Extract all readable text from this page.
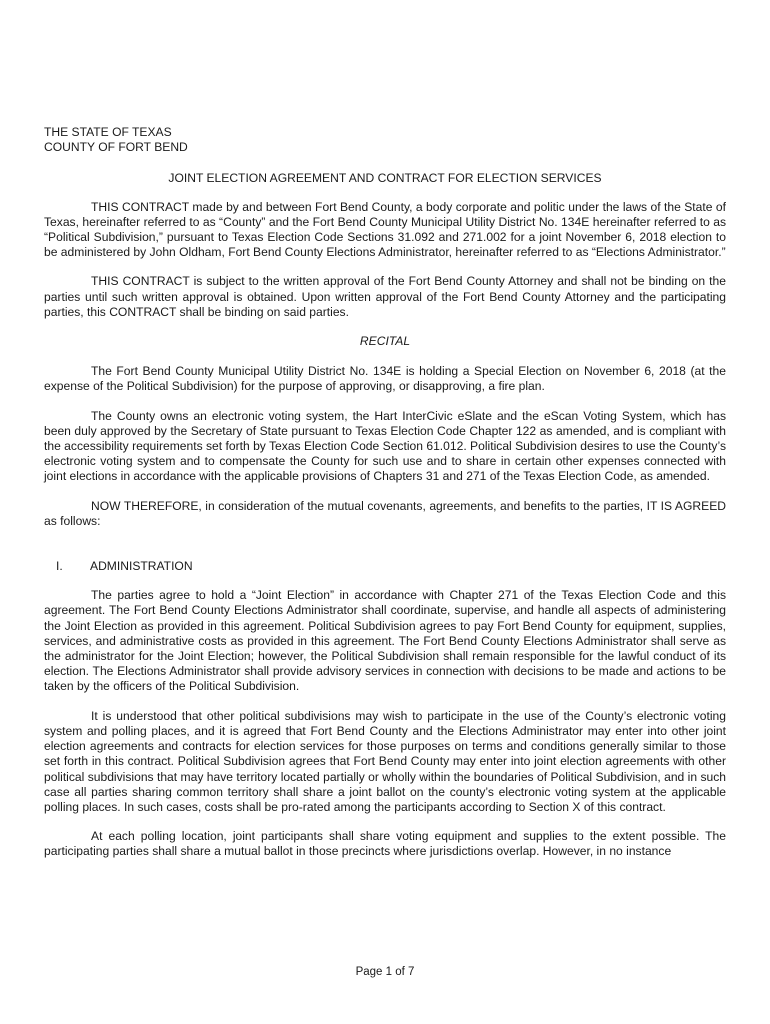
THE STATE OF TEXAS

COUNTY OF FORT BEND

JOINT ELECTION AGREEMENT AND CONTRACT FOR ELECTION SERVICES

THIS CONTRACT made by and between Fort Bend County, a body corporate and politic under the laws of the State of Texas, hereinafter referred to as “County” and the Fort Bend County Municipal Utility District No. 134E hereinafter referred to as “Political Subdivision,” pursuant to Texas Election Code Sections 31.092 and 271.002 for a joint November 6, 2018 election to be administered by John Oldham, Fort Bend County Elections Administrator, hereinafter referred to as “Elections Administrator.”

THIS CONTRACT is subject to the written approval of the Fort Bend County Attorney and shall not be binding on the parties until such written approval is obtained. Upon written approval of the Fort Bend County Attorney and the participating parties, this CONTRACT shall be binding on said parties.

RECITAL

The Fort Bend County Municipal Utility District No. 134E is holding a Special Election on November 6, 2018 (at the expense of the Political Subdivision) for the purpose of approving, or disapproving, a fire plan.

The County owns an electronic voting system, the Hart InterCivic eSlate and the eScan Voting System, which has been duly approved by the Secretary of State pursuant to Texas Election Code Chapter 122 as amended, and is compliant with the accessibility requirements set forth by Texas Election Code Section 61.012. Political Subdivision desires to use the County’s electronic voting system and to compensate the County for such use and to share in certain other expenses connected with joint elections in accordance with the applicable provisions of Chapters 31 and 271 of the Texas Election Code, as amended.

NOW THEREFORE, in consideration of the mutual covenants, agreements, and benefits to the parties, IT IS AGREED as follows:

I. ADMINISTRATION

The parties agree to hold a “Joint Election” in accordance with Chapter 271 of the Texas Election Code and this agreement. The Fort Bend County Elections Administrator shall coordinate, supervise, and handle all aspects of administering the Joint Election as provided in this agreement. Political Subdivision agrees to pay Fort Bend County for equipment, supplies, services, and administrative costs as provided in this agreement. The Fort Bend County Elections Administrator shall serve as the administrator for the Joint Election; however, the Political Subdivision shall remain responsible for the lawful conduct of its election. The Elections Administrator shall provide advisory services in connection with decisions to be made and actions to be taken by the officers of the Political Subdivision.

It is understood that other political subdivisions may wish to participate in the use of the County’s electronic voting system and polling places, and it is agreed that Fort Bend County and the Elections Administrator may enter into other joint election agreements and contracts for election services for those purposes on terms and conditions generally similar to those set forth in this contract. Political Subdivision agrees that Fort Bend County may enter into joint election agreements with other political subdivisions that may have territory located partially or wholly within the boundaries of Political Subdivision, and in such case all parties sharing common territory shall share a joint ballot on the county’s electronic voting system at the applicable polling places. In such cases, costs shall be pro-rated among the participants according to Section X of this contract.

At each polling location, joint participants shall share voting equipment and supplies to the extent possible. The participating parties shall share a mutual ballot in those precincts where jurisdictions overlap. However, in no instance

Page 1 of 7
